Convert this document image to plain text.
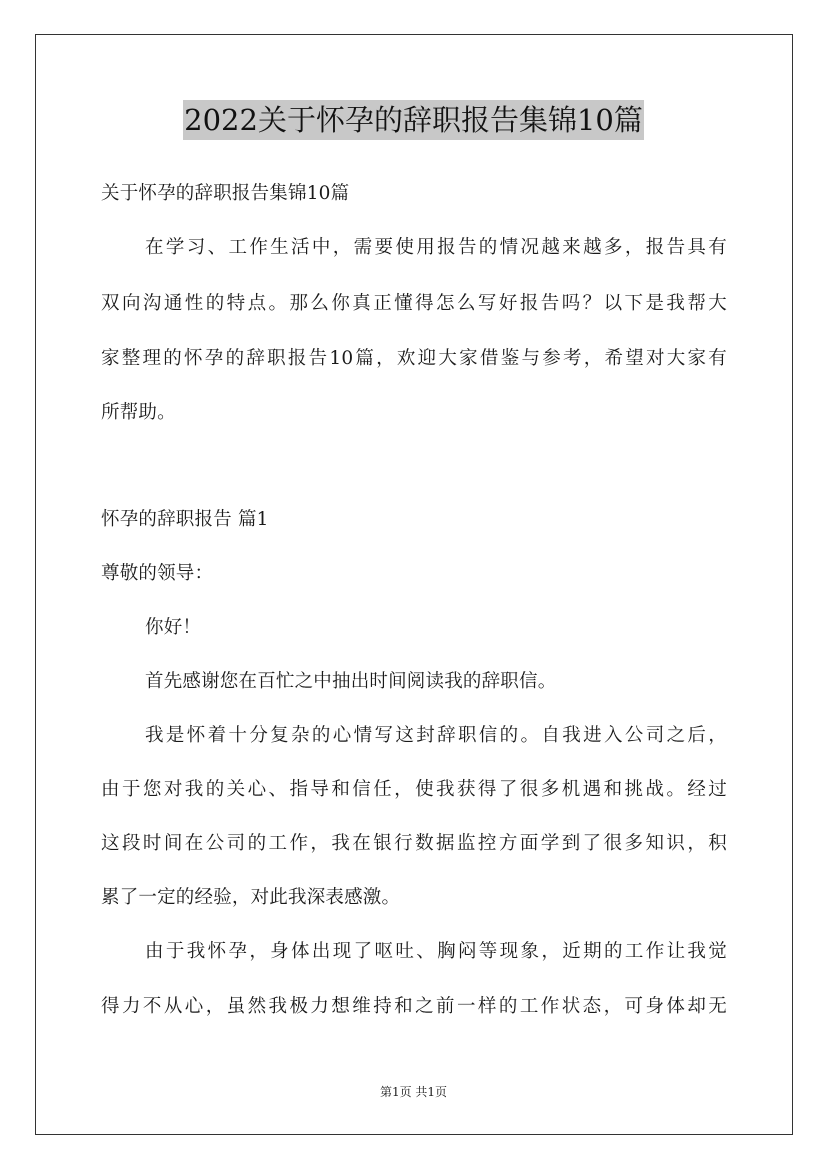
2022关于怀孕的辞职报告集锦10篇
关于怀孕的辞职报告集锦10篇
在学习、工作生活中，需要使用报告的情况越来越多，报告具有
双向沟通性的特点。那么你真正懂得怎么写好报告吗？以下是我帮大
家整理的怀孕的辞职报告10篇，欢迎大家借鉴与参考，希望对大家有
所帮助。
怀孕的辞职报告 篇1
尊敬的领导：
你好！
首先感谢您在百忙之中抽出时间阅读我的辞职信。
我是怀着十分复杂的心情写这封辞职信的。自我进入公司之后，
由于您对我的关心、指导和信任，使我获得了很多机遇和挑战。经过
这段时间在公司的工作，我在银行数据监控方面学到了很多知识，积
累了一定的经验，对此我深表感激。
由于我怀孕，身体出现了呕吐、胸闷等现象，近期的工作让我觉
得力不从心，虽然我极力想维持和之前一样的工作状态，可身体却无
第1页 共1页
